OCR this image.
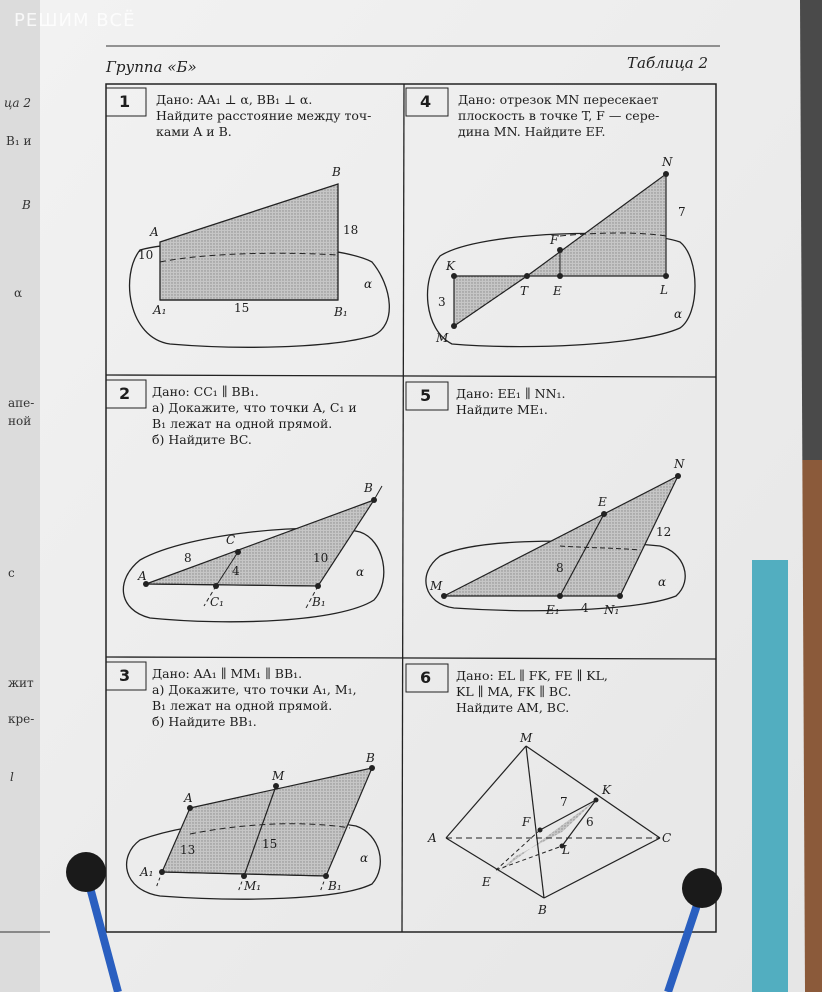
A
B
A₁	B₁
α
10
18
15
N
F
K
T E	L
M
α
7
3
A
B
C
C₁	B₁
α
8
4
10
N
E
M
E₁	N₁
α
12
8
4
A
M
B
A₁
M₁	B₁
α
13	15
M
K
F
A	C
L
E
B
7
6
РЕШИМ ВСЁ
Группа «Б»	Таблица 2
ца 2
B₁ и
B
α
апе-
ной
c
жит
кре-
l
1	4
2	5
3	6
Дано: AA₁ ⊥ α, BB₁ ⊥ α.
Найдите расстояние между точ-
ками A и B.
Дано: отрезок MN пересекает
плоскость в точке T, F — сере-
дина MN. Найдите EF.
Дано: CC₁ ∥ BB₁.
а) Докажите, что точки A, C₁ и
B₁ лежат на одной прямой.
б) Найдите BC.
Дано: EE₁ ∥ NN₁.
Найдите ME₁.
Дано: AA₁ ∥ MM₁ ∥ BB₁.
а) Докажите, что точки A₁, M₁,
B₁ лежат на одной прямой.
б) Найдите BB₁.
Дано: EL ∥ FK, FE ∥ KL,
KL ∥ MA, FK ∥ BC.
Найдите AM, BC.
